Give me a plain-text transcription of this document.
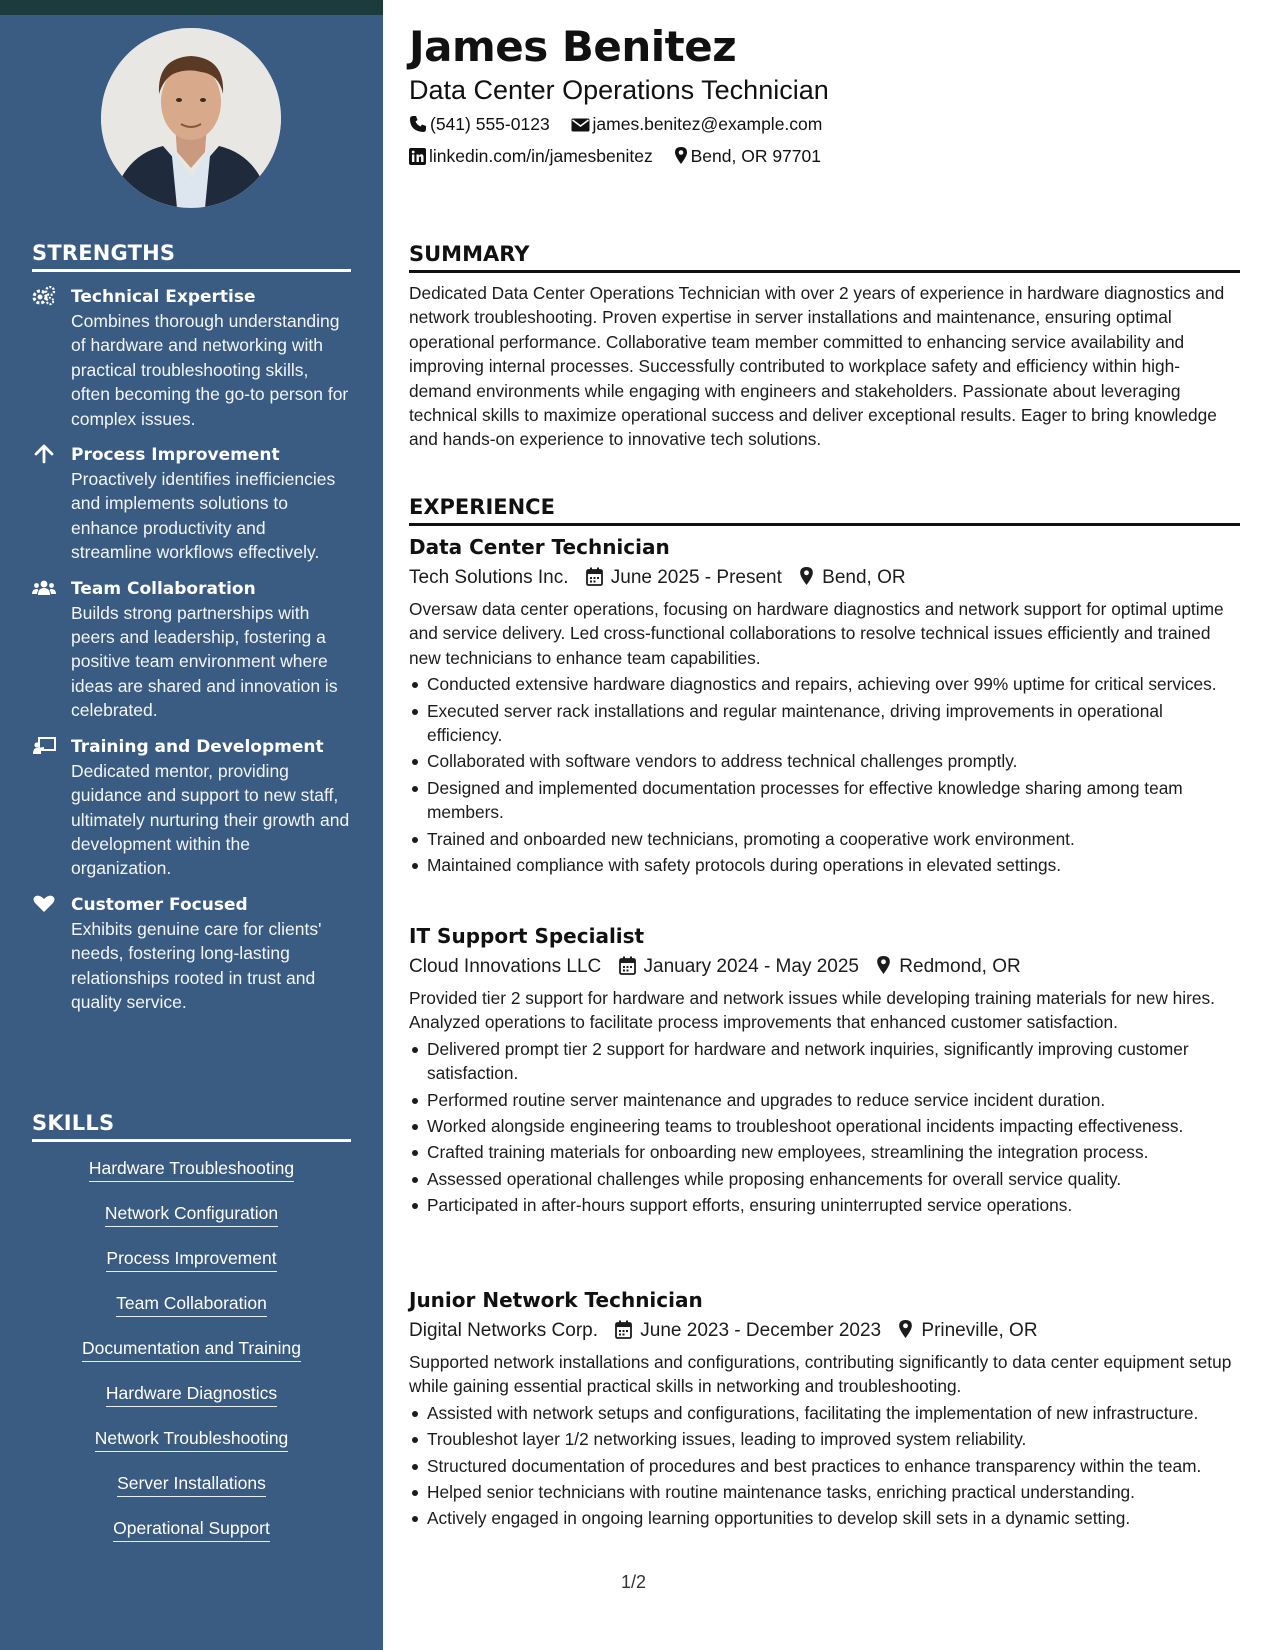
STRENGTHS
Technical Expertise
Combines thorough understanding of hardware and networking with practical troubleshooting skills, often becoming the go-to person for complex issues.
Process Improvement
Proactively identifies inefficiencies and implements solutions to enhance productivity and streamline workflows effectively.
Team Collaboration
Builds strong partnerships with peers and leadership, fostering a positive team environment where ideas are shared and innovation is celebrated.
Training and Development
Dedicated mentor, providing guidance and support to new staff, ultimately nurturing their growth and development within the organization.
Customer Focused
Exhibits genuine care for clients' needs, fostering long-lasting relationships rooted in trust and quality service.
SKILLS
Hardware Troubleshooting
Network Configuration
Process Improvement
Team Collaboration
Documentation and Training
Hardware Diagnostics
Network Troubleshooting
Server Installations
Operational Support
James Benitez
Data Center Operations Technician
(541) 555-0123 james.benitez@example.com
linkedin.com/in/jamesbenitez Bend, OR 97701
SUMMARY

Dedicated Data Center Operations Technician with over 2 years of experience in hardware diagnostics and network troubleshooting. Proven expertise in server installations and maintenance, ensuring optimal operational performance. Collaborative team member committed to enhancing service availability and improving internal processes. Successfully contributed to workplace safety and efficiency within high-demand environments while engaging with engineers and stakeholders. Passionate about leveraging technical skills to maximize operational success and deliver exceptional results. Eager to bring knowledge and hands-on experience to innovative tech solutions.

EXPERIENCE
Data Center Technician
Tech Solutions Inc. June 2025 - Present Bend, OR

Oversaw data center operations, focusing on hardware diagnostics and network support for optimal uptime and service delivery. Led cross-functional collaborations to resolve technical issues efficiently and trained new technicians to enhance team capabilities.

Conducted extensive hardware diagnostics and repairs, achieving over 99% uptime for critical services.
Executed server rack installations and regular maintenance, driving improvements in operational efficiency.
Collaborated with software vendors to address technical challenges promptly.
Designed and implemented documentation processes for effective knowledge sharing among team members.
Trained and onboarded new technicians, promoting a cooperative work environment.
Maintained compliance with safety protocols during operations in elevated settings.
IT Support Specialist
Cloud Innovations LLC January 2024 - May 2025 Redmond, OR

Provided tier 2 support for hardware and network issues while developing training materials for new hires. Analyzed operations to facilitate process improvements that enhanced customer satisfaction.

Delivered prompt tier 2 support for hardware and network inquiries, significantly improving customer satisfaction.
Performed routine server maintenance and upgrades to reduce service incident duration.
Worked alongside engineering teams to troubleshoot operational incidents impacting effectiveness.
Crafted training materials for onboarding new employees, streamlining the integration process.
Assessed operational challenges while proposing enhancements for overall service quality.
Participated in after-hours support efforts, ensuring uninterrupted service operations.
Junior Network Technician
Digital Networks Corp. June 2023 - December 2023 Prineville, OR

Supported network installations and configurations, contributing significantly to data center equipment setup while gaining essential practical skills in networking and troubleshooting.

Assisted with network setups and configurations, facilitating the implementation of new infrastructure.
Troubleshot layer 1/2 networking issues, leading to improved system reliability.
Structured documentation of procedures and best practices to enhance transparency within the team.
Helped senior technicians with routine maintenance tasks, enriching practical understanding.
Actively engaged in ongoing learning opportunities to develop skill sets in a dynamic setting.
1/2
